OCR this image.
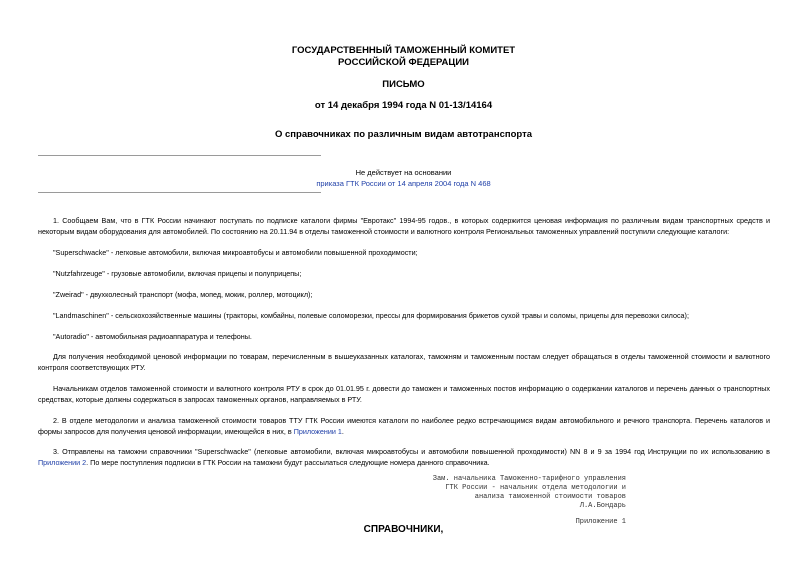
ГОСУДАРСТВЕННЫЙ ТАМОЖЕННЫЙ КОМИТЕТ
РОССИЙСКОЙ ФЕДЕРАЦИИ
ПИСЬМО
от 14 декабря 1994 года N 01-13/14164
О справочниках по различным видам автотранспорта
Не действует на основании
приказа ГТК России от 14 апреля 2004 года N 468

1. Сообщаем Вам, что в ГТК России начинают поступать по подписке каталоги фирмы "Евротакс" 1994-95 годов., в которых содержится ценовая информация по различным видам транспортных средств и некоторым видам оборудования для автомобилей. По состоянию на 20.11.94 в отделы таможенной стоимости и валютного контроля Региональных таможенных управлений поступили следующие каталоги:

"Superschwacke" - легковые автомобили, включая микроавтобусы и автомобили повышенной проходимости;

"Nutzfahrzeuge" - грузовые автомобили, включая прицепы и полуприцепы;

"Zweirad" - двухколесный транспорт (мофа, мопед, мокик, роллер, мотоцикл);

"Landmaschinen" - сельскохозяйственные машины (тракторы, комбайны, полевые соломорезки, прессы для формирования брикетов сухой травы и соломы, прицепы для перевозки силоса);

"Autoradio" - автомобильная радиоаппаратура и телефоны.

Для получения необходимой ценовой информации по товарам, перечисленным в вышеуказанных каталогах, таможням и таможенным постам следует обращаться в отделы таможенной стоимости и валютного контроля соответствующих РТУ.

Начальникам отделов таможенной стоимости и валютного контроля РТУ в срок до 01.01.95 г. довести до таможен и таможенных постов информацию о содержании каталогов и перечень данных о транспортных средствах, которые должны содержаться в запросах таможенных органов, направляемых в РТУ.

2. В отделе методологии и анализа таможенной стоимости товаров ТТУ ГТК России имеются каталоги по наиболее редко встречающимся видам автомобильного и речного транспорта. Перечень каталогов и формы запросов для получения ценовой информации, имеющейся в них, в Приложении 1.

3. Отправлены на таможни справочники "Superschwacke" (легковые автомобили, включая микроавтобусы и автомобили повышенной проходимости) NN 8 и 9 за 1994 год Инструкции по их использованию в Приложении 2. По мере поступления подписки в ГТК России на таможни будут рассылаться следующие номера данного справочника.

Зам. начальника Таможенно-тарифного управления
ГТК России - начальник отдела методологии и
анализа таможенной стоимости товаров
Л.А.Бондарь
Приложение 1
СПРАВОЧНИКИ,
